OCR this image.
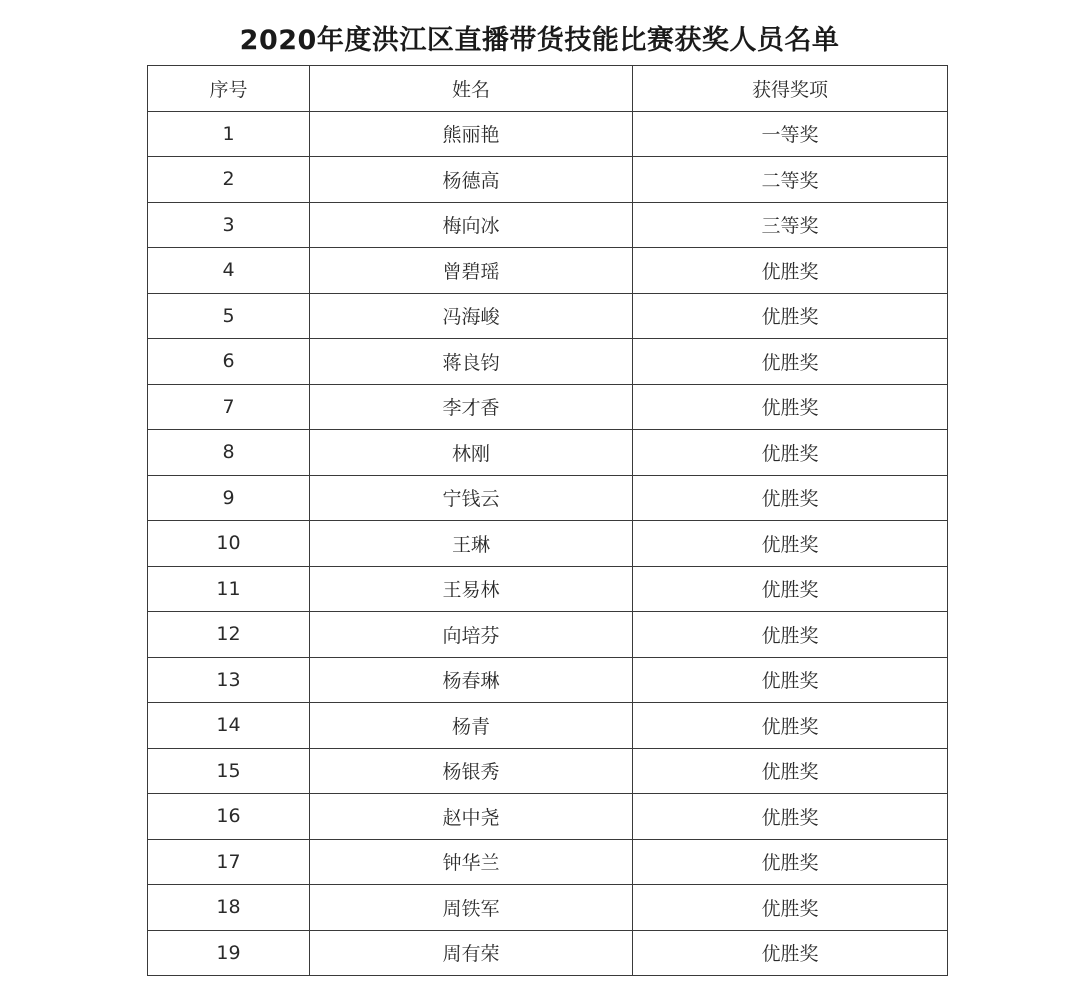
2020年度洪江区直播带货技能比赛获奖人员名单
序号	姓名	获得奖项
1	熊丽艳	一等奖
2	杨德高	二等奖
3	梅向冰	三等奖
4	曾碧瑶	优胜奖
5	冯海峻	优胜奖
6	蒋良钧	优胜奖
7	李才香	优胜奖
8	林刚	优胜奖
9	宁钱云	优胜奖
10	王琳	优胜奖
11	王易林	优胜奖
12	向培芬	优胜奖
13	杨春琳	优胜奖
14	杨青	优胜奖
15	杨银秀	优胜奖
16	赵中尧	优胜奖
17	钟华兰	优胜奖
18	周铁军	优胜奖
19	周有荣	优胜奖
